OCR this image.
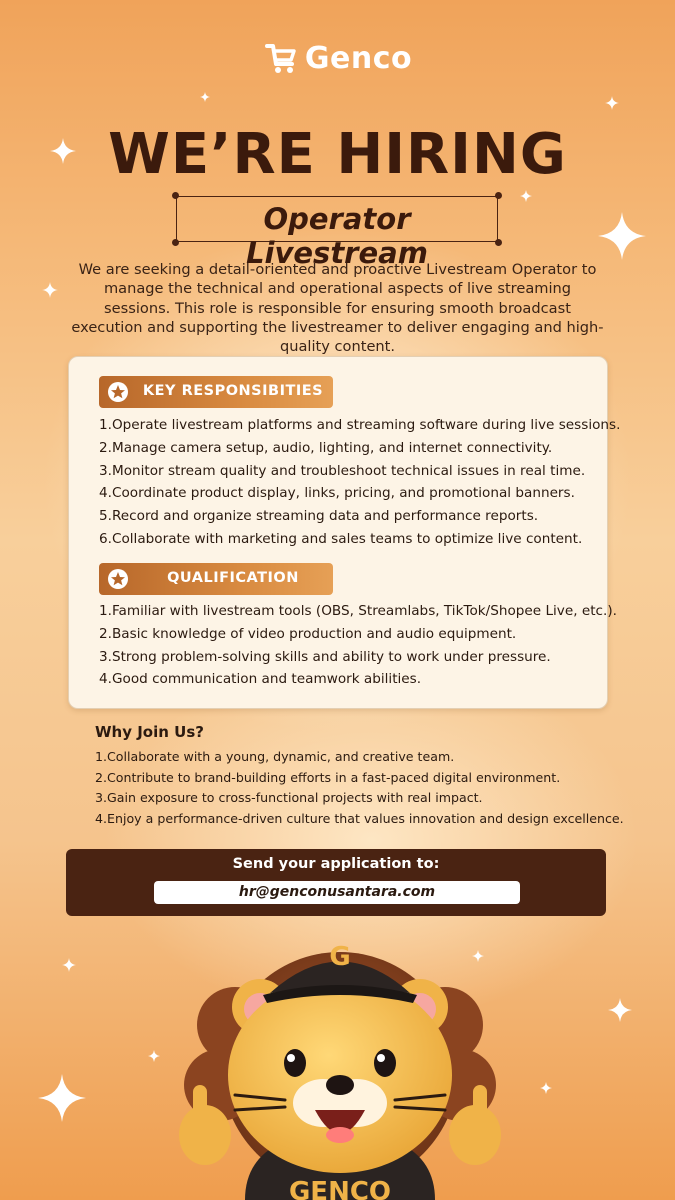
Genco
WE’RE HIRING
Operator Livestream

We are seeking a detail-oriented and proactive Livestream Operator to manage the technical and operational aspects of live streaming sessions. This role is responsible for ensuring smooth broadcast execution and supporting the livestreamer to deliver engaging and high-quality content.

KEY RESPONSIBITIES
1.Operate livestream platforms and streaming software during live sessions.
2.Manage camera setup, audio, lighting, and internet connectivity.
3.Monitor stream quality and troubleshoot technical issues in real time.
4.Coordinate product display, links, pricing, and promotional banners.
5.Record and organize streaming data and performance reports.
6.Collaborate with marketing and sales teams to optimize live content.
QUALIFICATION
1.Familiar with livestream tools (OBS, Streamlabs, TikTok/Shopee Live, etc.).
2.Basic knowledge of video production and audio equipment.
3.Strong problem-solving skills and ability to work under pressure.
4.Good communication and teamwork abilities.
Why Join Us?
1.Collaborate with a young, dynamic, and creative team.
2.Contribute to brand-building efforts in a fast-paced digital environment.
3.Gain exposure to cross-functional projects with real impact.
4.Enjoy a performance-driven culture that values innovation and design excellence.

Send your application to:

hr@genconusantara.com
GENCO
G
